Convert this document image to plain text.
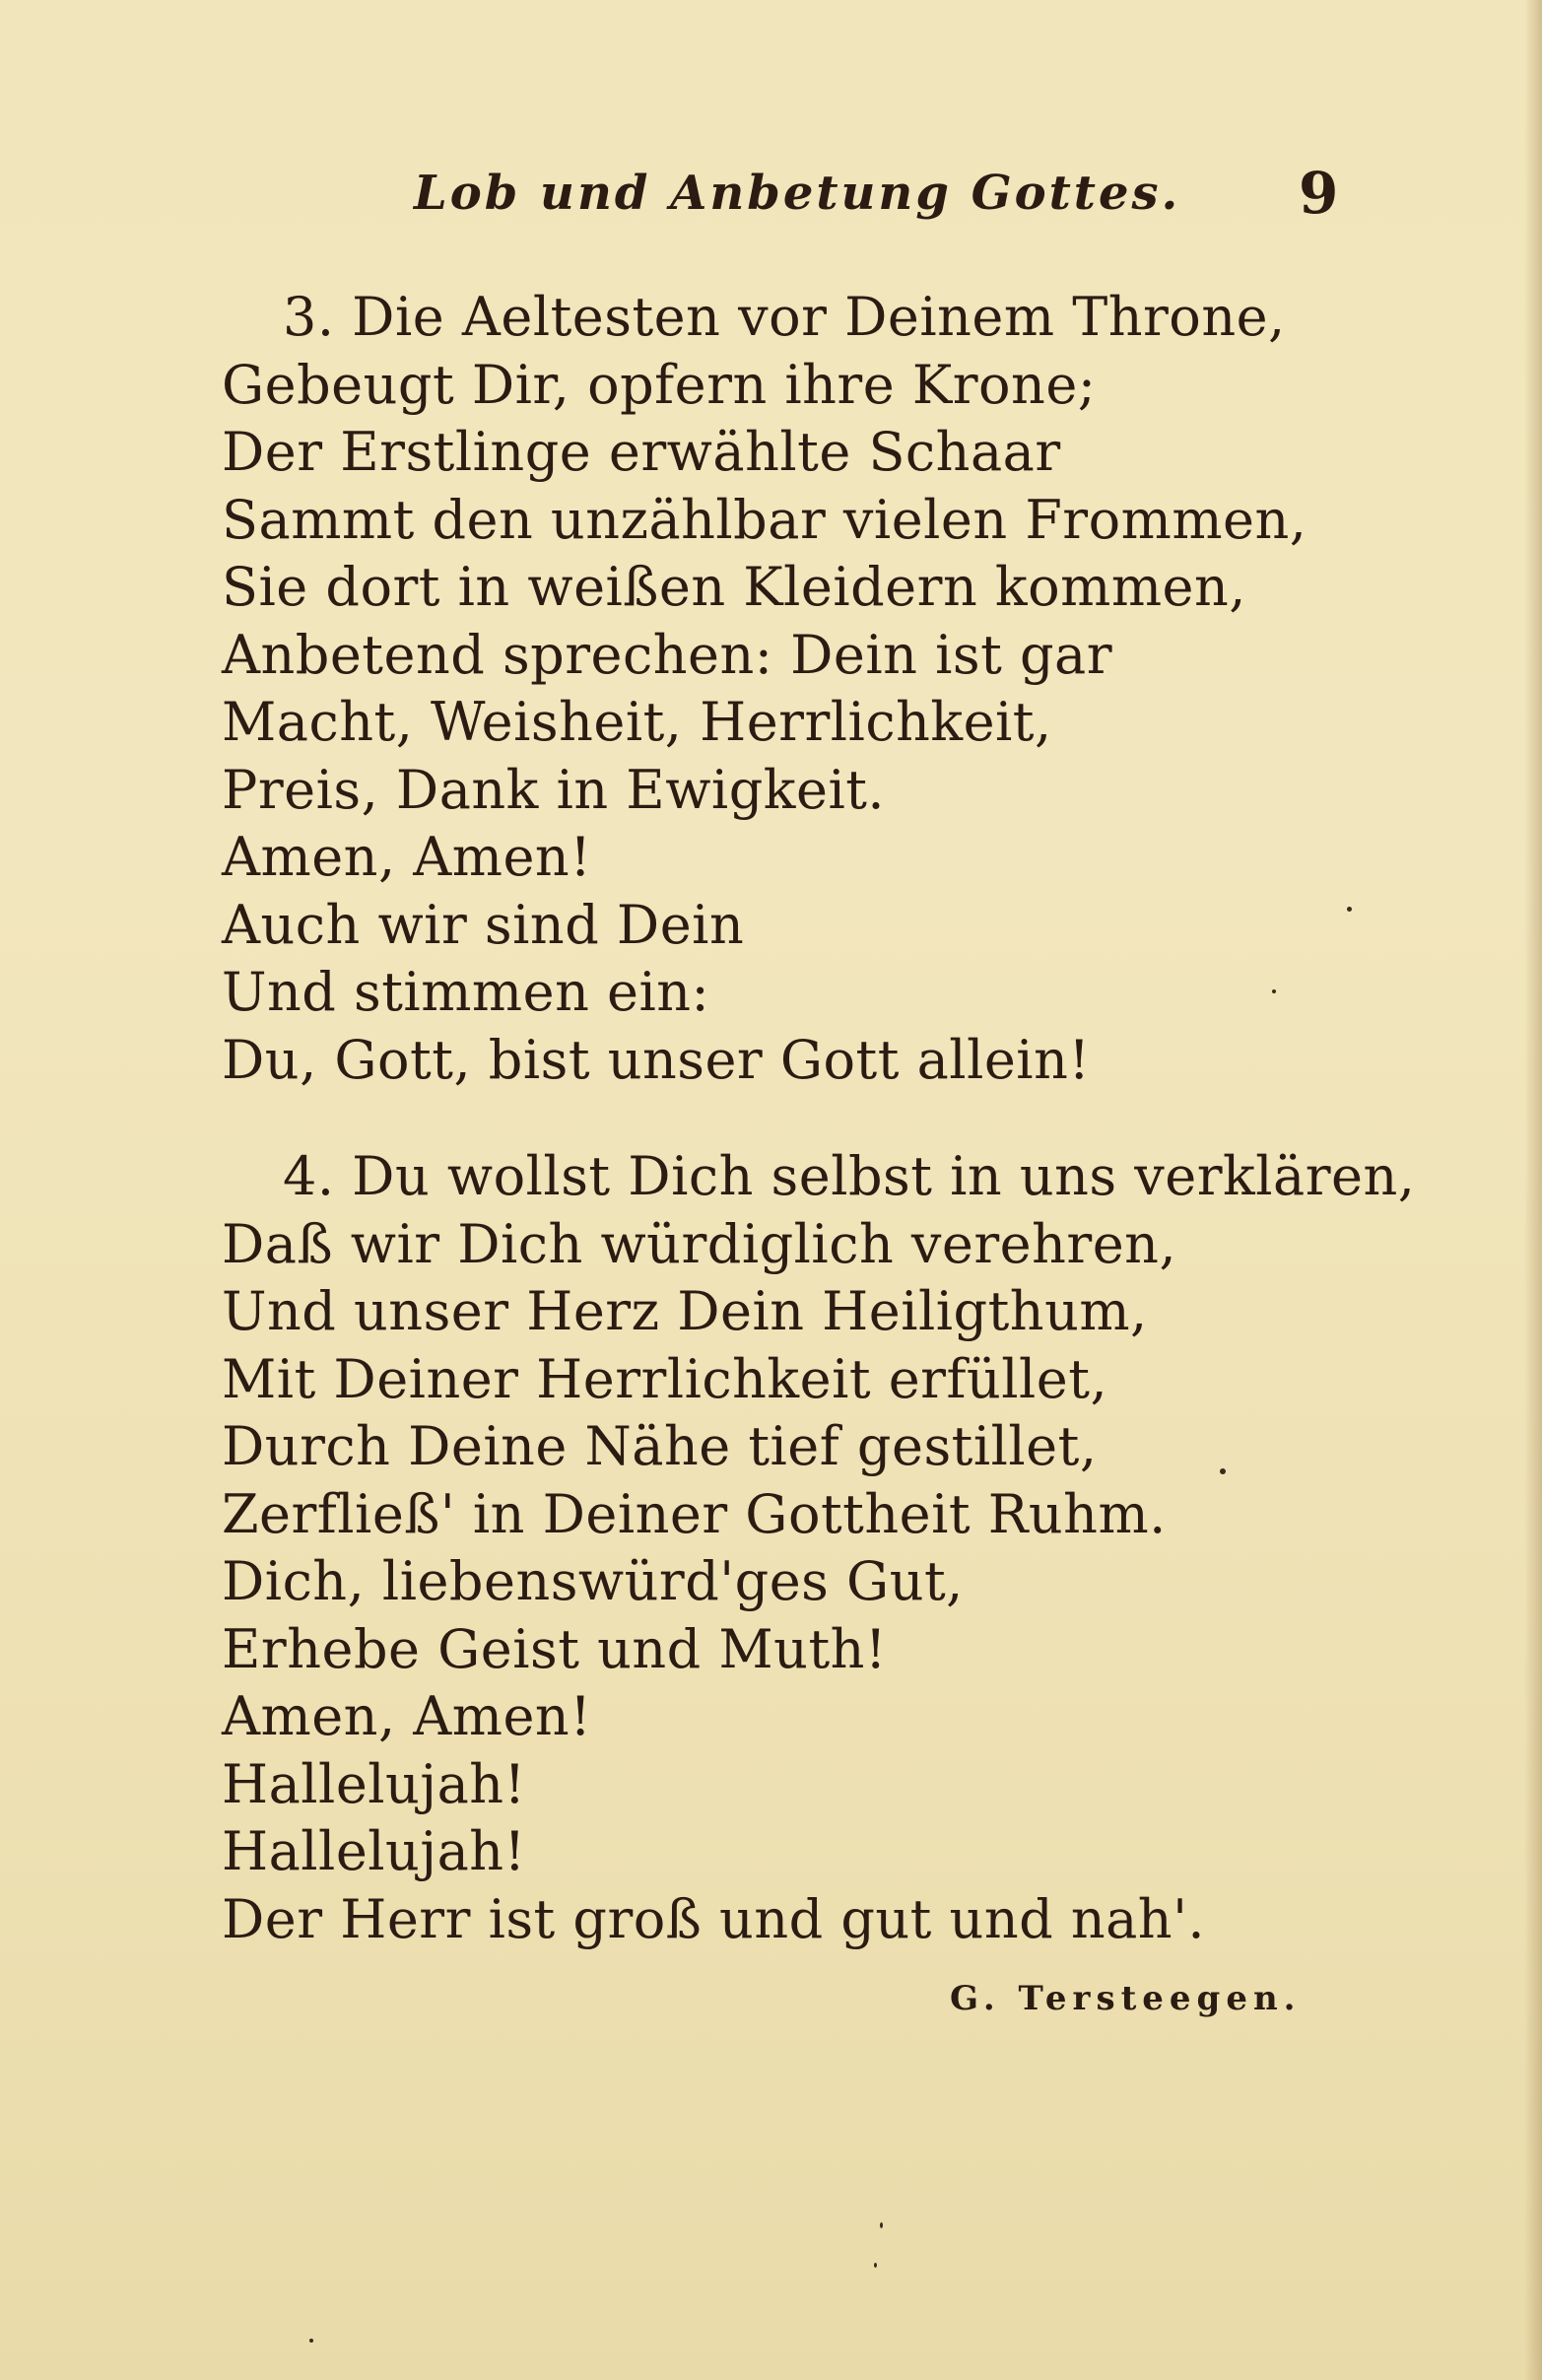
Lob und Anbetung Gottes. 9
3. Die Aeltesten vor Deinem Throne,
Gebeugt Dir, opfern ihre Krone;
Der Erstlinge erwählte Schaar
Sammt den unzählbar vielen Frommen,
Sie dort in weißen Kleidern kommen,
Anbetend sprechen: Dein ist gar
Macht, Weisheit, Herrlichkeit,
Preis, Dank in Ewigkeit.
Amen, Amen!
Auch wir sind Dein
Und stimmen ein:
Du, Gott, bist unser Gott allein!
4. Du wollst Dich selbst in uns verklären,
Daß wir Dich würdiglich verehren,
Und unser Herz Dein Heiligthum,
Mit Deiner Herrlichkeit erfüllet,
Durch Deine Nähe tief gestillet,
Zerfließ' in Deiner Gottheit Ruhm.
Dich, liebenswürd'ges Gut,
Erhebe Geist und Muth!
Amen, Amen!
Hallelujah!
Hallelujah!
Der Herr ist groß und gut und nah'.
G. Tersteegen.
